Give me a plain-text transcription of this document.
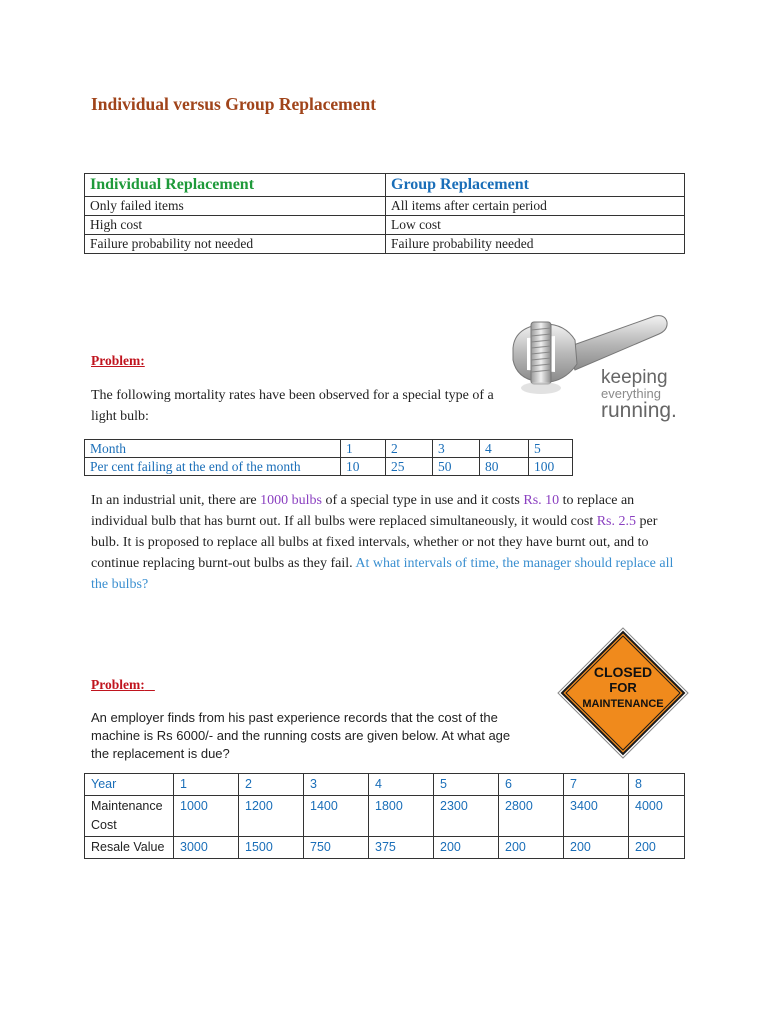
Individual versus Group Replacement
Individual Replacement	Group Replacement
Only failed items	All items after certain period
High cost	Low cost
Failure probability not needed	Failure probability needed
keeping
everything
running.
Problem:
The following mortality rates have been observed for a special type of a light bulb:
Month	1	2	3	4	5
Per cent failing at the end of the month	10	25	50	80	100
In an industrial unit, there are 1000 bulbs of a special type in use and it costs Rs. 10 to replace an individual bulb that has burnt out. If all bulbs were replaced simultaneously, it would cost Rs. 2.5 per bulb. It is proposed to replace all bulbs at fixed intervals, whether or not they have burnt out, and to continue replacing burnt-out bulbs as they fail. At what intervals of time, the manager should replace all the bulbs?
CLOSED
FOR
MAINTENANCE
Problem:
An employer finds from his past experience records that the cost of the machine is Rs 6000/- and the running costs are given below. At what age the replacement is due?
Year	1	2	3	4	5	6	7	8
Maintenance Cost	1000	1200	1400	1800	2300	2800	3400	4000
Resale Value	3000	1500	750	375	200	200	200	200
